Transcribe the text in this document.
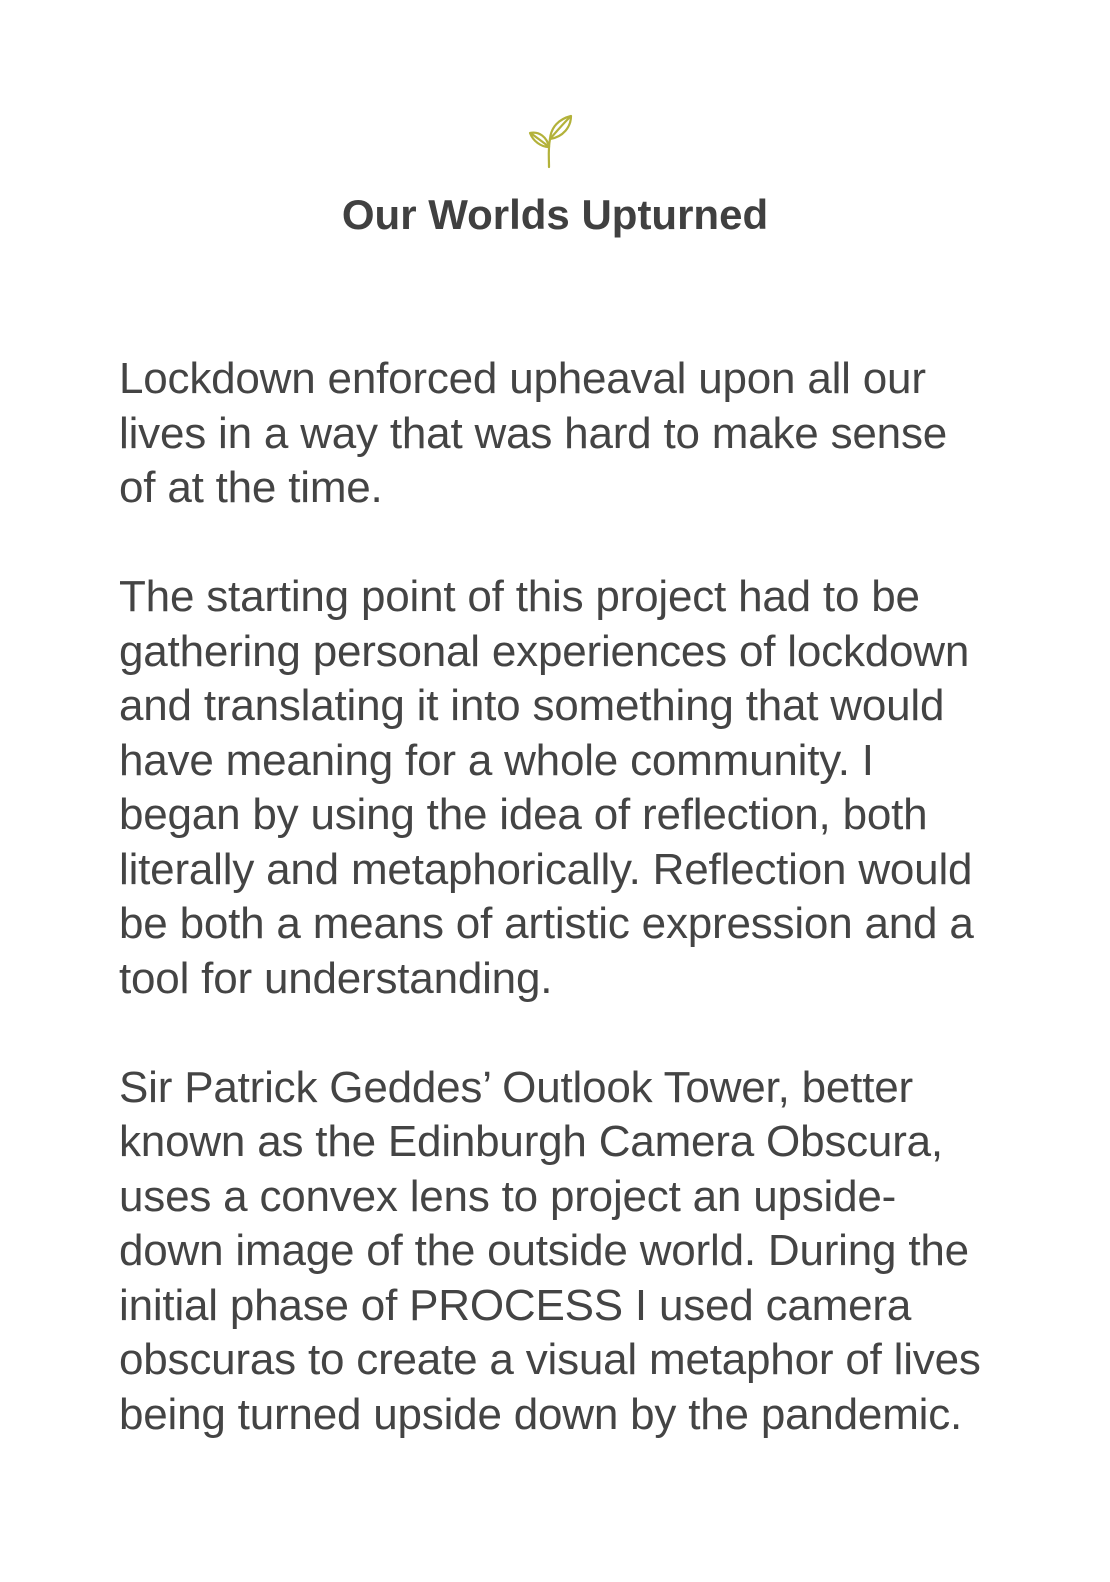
Our Worlds Upturned

Lockdown enforced upheaval upon all our
lives in a way that was hard to make sense
of at the time.

The starting point of this project had to be
gathering personal experiences of lockdown
and translating it into something that would
have meaning for a whole community. I
began by using the idea of reflection, both
literally and metaphorically. Reflection would
be both a means of artistic expression and a
tool for understanding.

Sir Patrick Geddes’ Outlook Tower, better
known as the Edinburgh Camera Obscura,
uses a convex lens to project an upside-
down image of the outside world. During the
initial phase of PROCESS I used camera
obscuras to create a visual metaphor of lives
being turned upside down by the pandemic.
